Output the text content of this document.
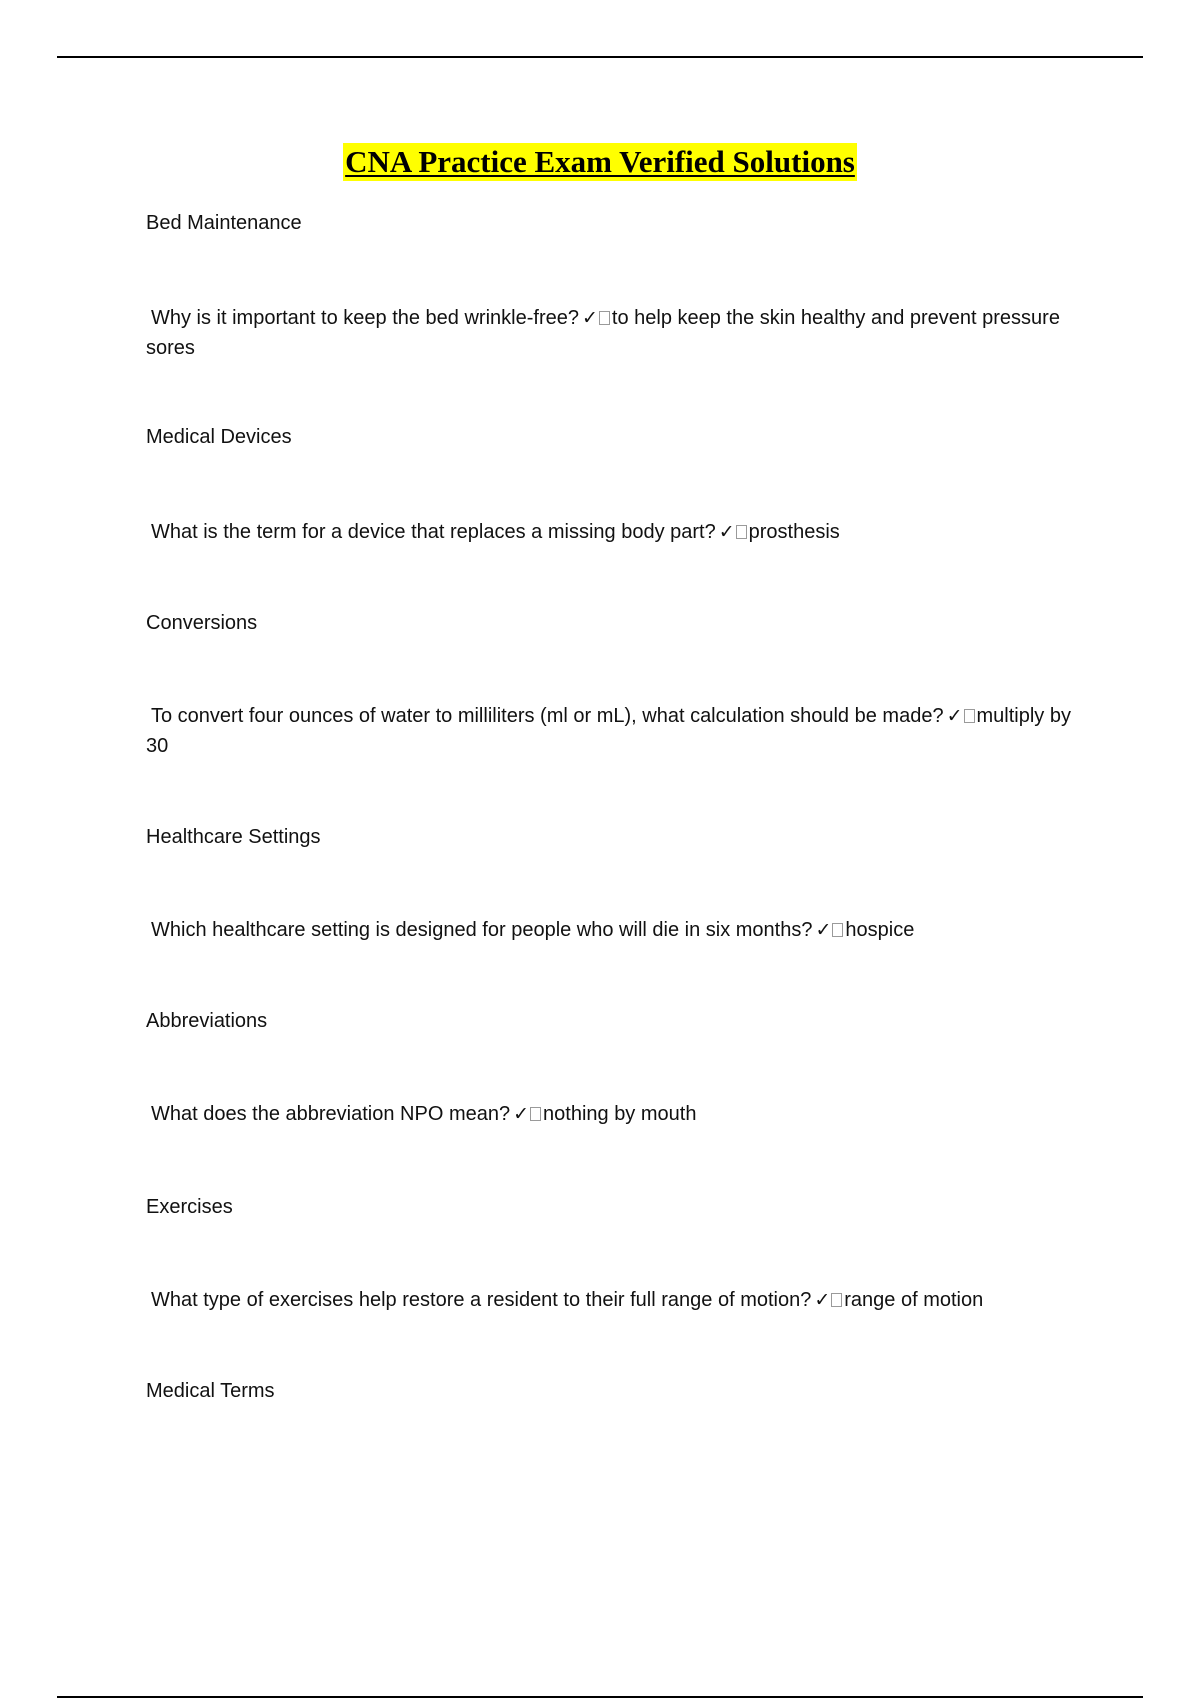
CNA Practice Exam Verified Solutions
Bed Maintenance
Why is it important to keep the bed wrinkle-free? ✓ to help keep the skin healthy and prevent pressure sores
Medical Devices
What is the term for a device that replaces a missing body part? ✓ prosthesis
Conversions
To convert four ounces of water to milliliters (ml or mL), what calculation should be made? ✓ multiply by 30
Healthcare Settings
Which healthcare setting is designed for people who will die in six months? ✓ hospice
Abbreviations
What does the abbreviation NPO mean? ✓ nothing by mouth
Exercises
What type of exercises help restore a resident to their full range of motion? ✓ range of motion
Medical Terms
